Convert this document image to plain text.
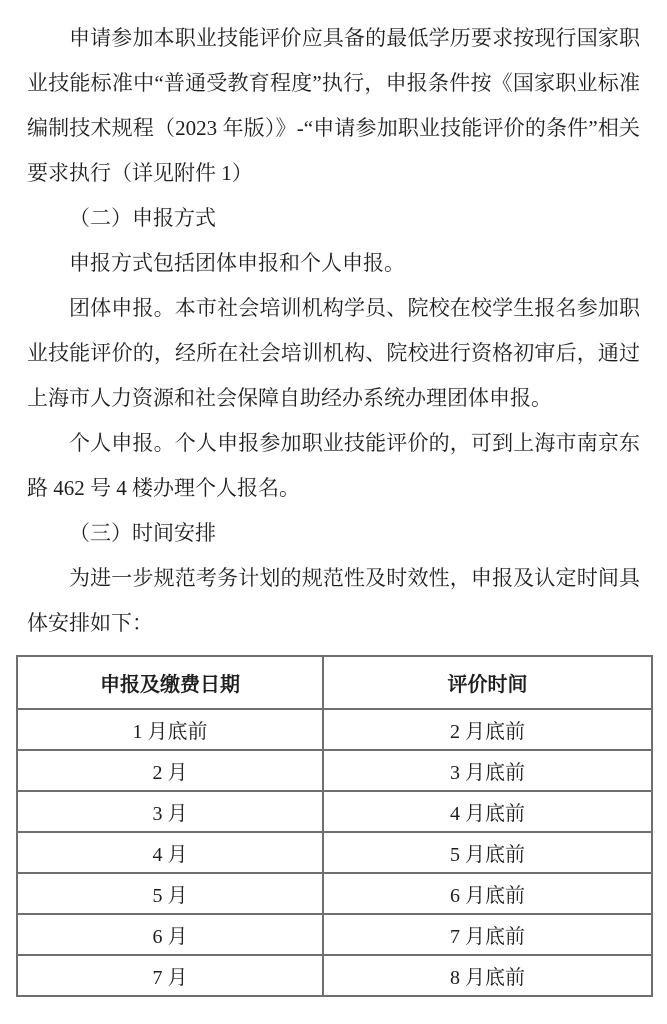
申请参加本职业技能评价应具备的最低学历要求按现行国家职业技能标准中“普通受教育程度”执行，申报条件按《国家职业标准编制技术规程（2023 年版）》-“申请参加职业技能评价的条件”相关要求执行（详见附件 1）

（二）申报方式

申报方式包括团体申报和个人申报。

团体申报。本市社会培训机构学员、院校在校学生报名参加职业技能评价的，经所在社会培训机构、院校进行资格初审后，通过上海市人力资源和社会保障自助经办系统办理团体申报。

个人申报。个人申报参加职业技能评价的，可到上海市南京东路 462 号 4 楼办理个人报名。

（三）时间安排

为进一步规范考务计划的规范性及时效性，申报及认定时间具体安排如下：

申报及缴费日期	评价时间
1 月底前	2 月底前
2 月	3 月底前
3 月	4 月底前
4 月	5 月底前
5 月	6 月底前
6 月	7 月底前
7 月	8 月底前
